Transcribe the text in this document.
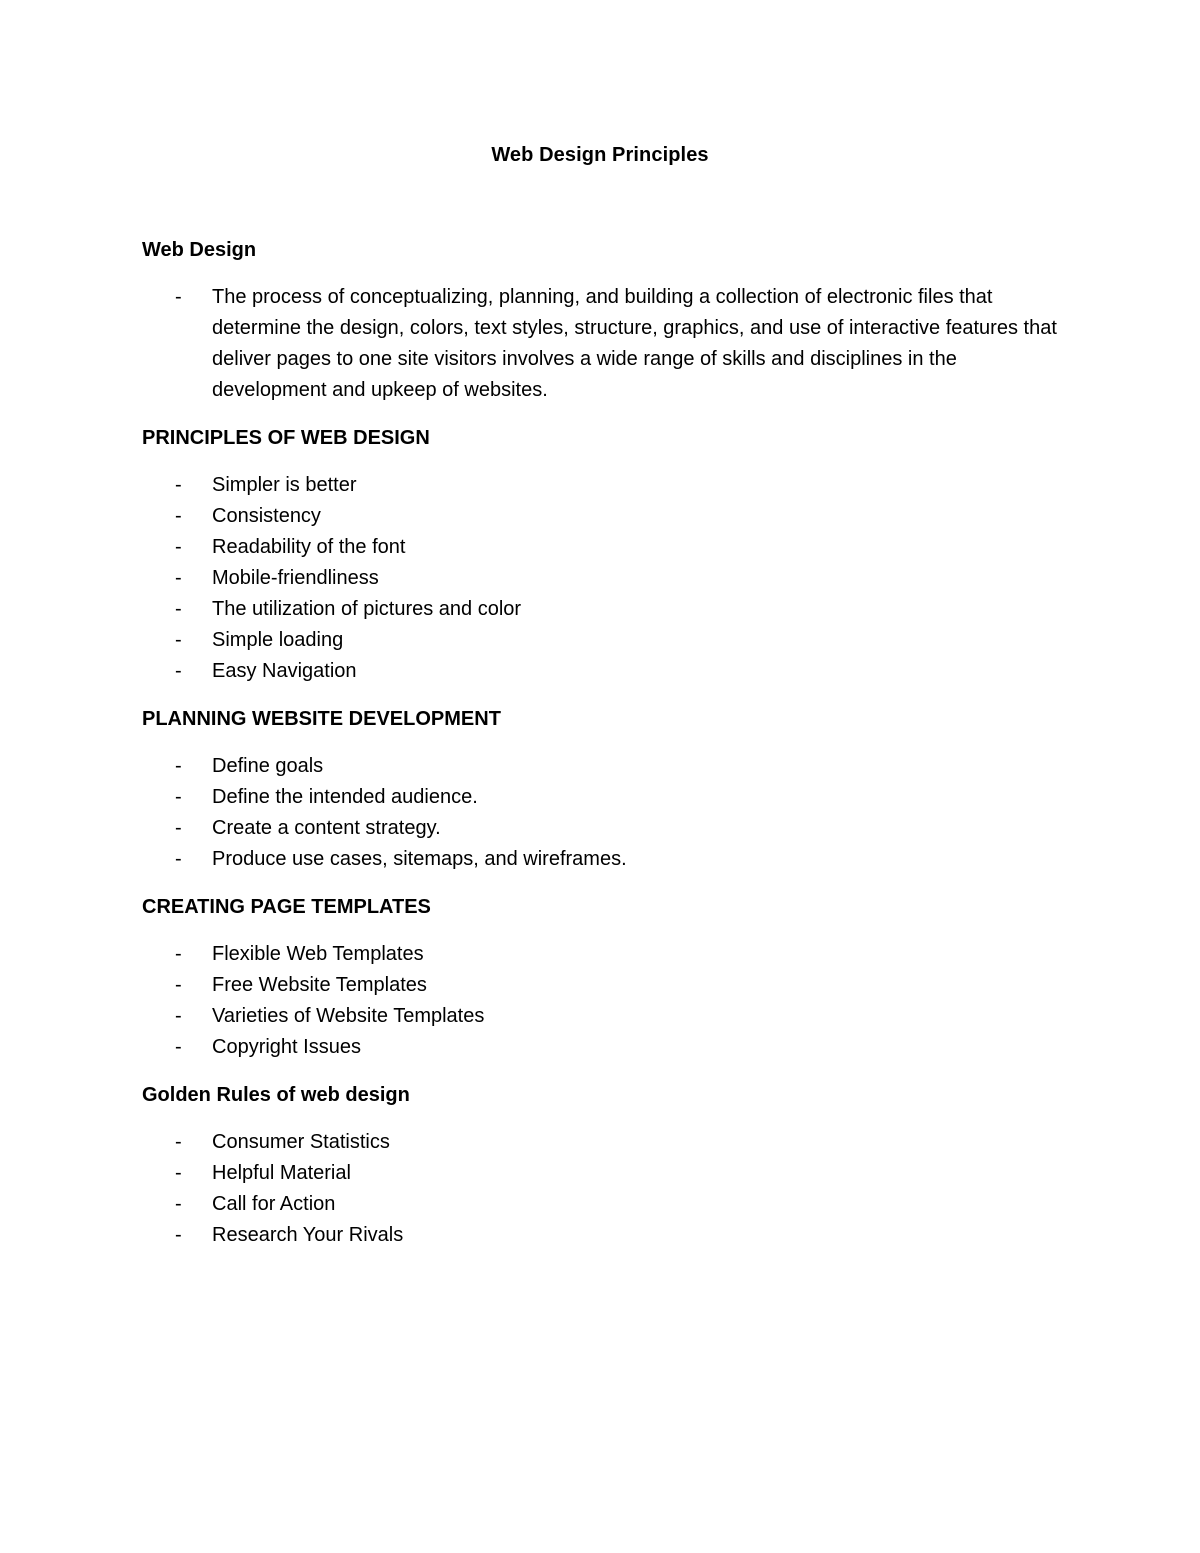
Web Design Principles
Web Design
- The process of conceptualizing, planning, and building a collection of electronic files that determine the design, colors, text styles, structure, graphics, and use of interactive features that deliver pages to one site visitors involves a wide range of skills and disciplines in the development and upkeep of websites.
PRINCIPLES OF WEB DESIGN
- Simpler is better
- Consistency
- Readability of the font
- Mobile-friendliness
- The utilization of pictures and color
- Simple loading
- Easy Navigation
PLANNING WEBSITE DEVELOPMENT
- Define goals
- Define the intended audience.
- Create a content strategy.
- Produce use cases, sitemaps, and wireframes.
CREATING PAGE TEMPLATES
- Flexible Web Templates
- Free Website Templates
- Varieties of Website Templates
- Copyright Issues
Golden Rules of web design
- Consumer Statistics
- Helpful Material
- Call for Action
- Research Your Rivals
